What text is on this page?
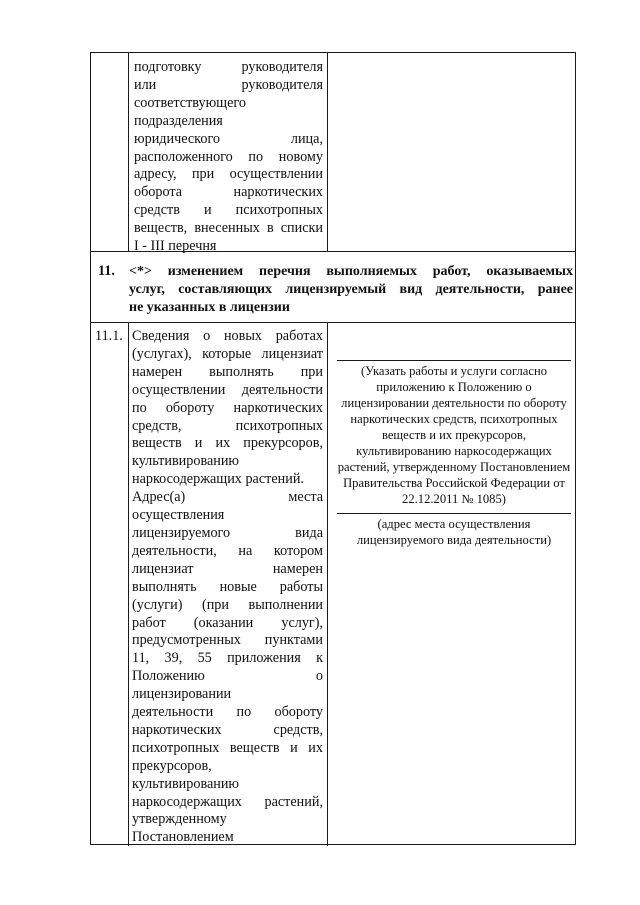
подготовку руководителя
или руководителя
соответствующего
подразделения
юридического лица,
расположенного по новому
адресу, при осуществлении
оборота наркотических
средств и психотропных
веществ, внесенных в списки
I - III перечня
11. <*> изменением перечня выполняемых работ, оказываемых
услуг, составляющих лицензируемый вид деятельности, ранее
не указанных в лицензии
11.1. Сведения о новых работах
(услугах), которые лицензиат
намерен выполнять при
осуществлении деятельности
по обороту наркотических
средств, психотропных
веществ и их прекурсоров,
культивированию
наркосодержащих растений.
Адрес(а) места
осуществления
лицензируемого вида
деятельности, на котором
лицензиат намерен
выполнять новые работы
(услуги) (при выполнении
работ (оказании услуг),
предусмотренных пунктами
11, 39, 55 приложения к
Положению о
лицензировании
деятельности по обороту
наркотических средств,
психотропных веществ и их
прекурсоров,
культивированию
наркосодержащих растений,
утвержденному
Постановлением
(Указать работы и услуги согласно
приложению к Положению о
лицензировании деятельности по обороту
наркотических средств, психотропных
веществ и их прекурсоров,
культивированию наркосодержащих
растений, утвержденному Постановлением
Правительства Российской Федерации от
22.12.2011 № 1085)
(адрес места осуществления
лицензируемого вида деятельности)
